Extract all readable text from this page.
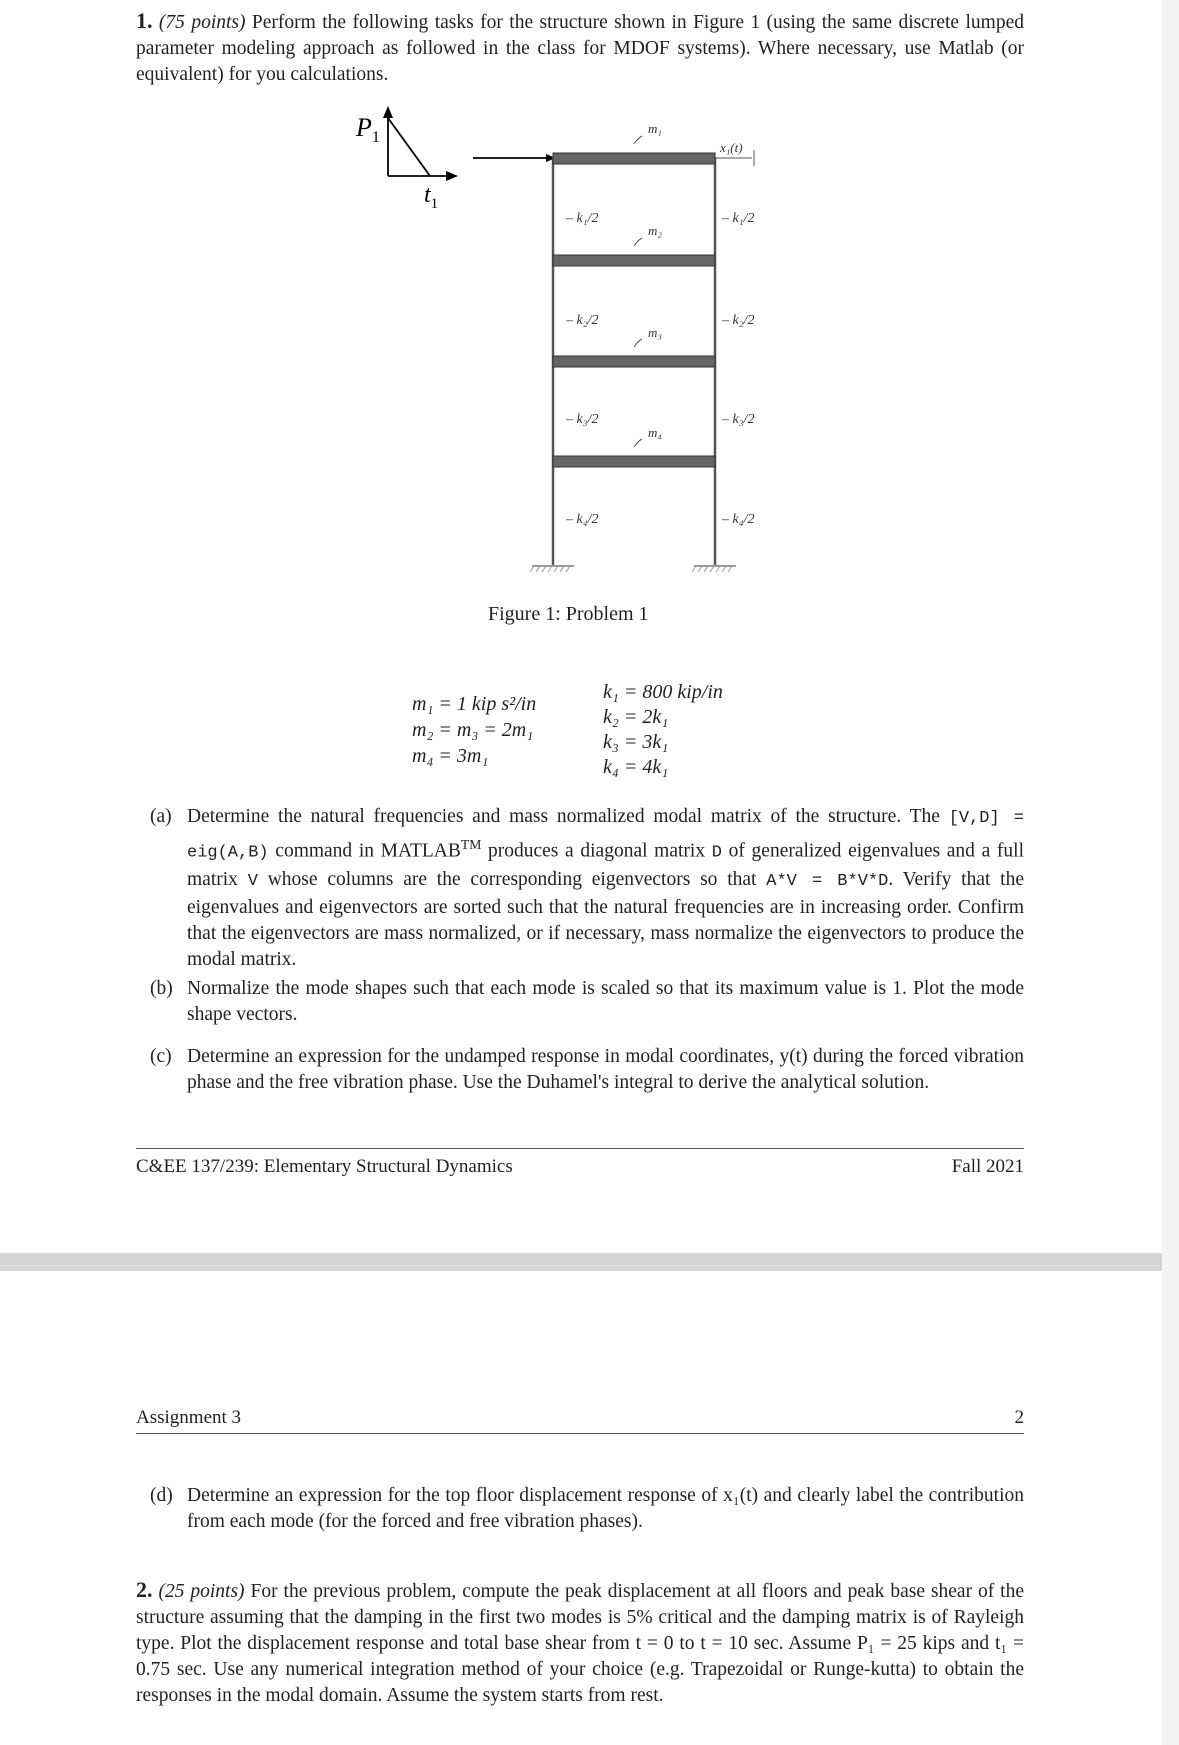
1. (75 points) Perform the following tasks for the structure shown in Figure 1 (using the same discrete lumped parameter modeling approach as followed in the class for MDOF systems). Where necessary, use Matlab (or equivalent) for you calculations.
$P_1$
$t_1$
m₁
m₂
m₃
m₄
x₁(t)
– k₁/2	– k₁/2
– k₂/2	– k₂/2
– k₃/2	– k₃/2
– k₄/2	– k₄/2
Figure 1: Problem 1
m₁ = 1 kip s²/in
m₂ = m₃ = 2m₁
m₄ = 3m₁
k₁ = 800 kip/in
k₂ = 2k₁
k₃ = 3k₁
k₄ = 4k₁
(a) Determine the natural frequencies and mass normalized modal matrix of the structure. The [V,D] = eig(A,B) command in MATLAB™ produces a diagonal matrix D of generalized eigenvalues and a full matrix V whose columns are the corresponding eigenvectors so that A*V = B*V*D. Verify that the eigenvalues and eigenvectors are sorted such that the natural frequencies are in increasing order. Confirm that the eigenvectors are mass normalized, or if necessary, mass normalize the eigenvectors to produce the modal matrix.
(b) Normalize the mode shapes such that each mode is scaled so that its maximum value is 1. Plot the mode shape vectors.
(c) Determine an expression for the undamped response in modal coordinates, y(t) during the forced vibration phase and the free vibration phase. Use the Duhamel's integral to derive the analytical solution.
C&EE 137/239: Elementary Structural Dynamics	Fall 2021
Assignment 3	2
(d) Determine an expression for the top floor displacement response of x₁(t) and clearly label the contribution from each mode (for the forced and free vibration phases).
2. (25 points) For the previous problem, compute the peak displacement at all floors and peak base shear of the structure assuming that the damping in the first two modes is 5% critical and the damping matrix is of Rayleigh type. Plot the displacement response and total base shear from t = 0 to t = 10 sec. Assume P₁ = 25 kips and t₁ = 0.75 sec. Use any numerical integration method of your choice (e.g. Trapezoidal or Runge-kutta) to obtain the responses in the modal domain. Assume the system starts from rest.
